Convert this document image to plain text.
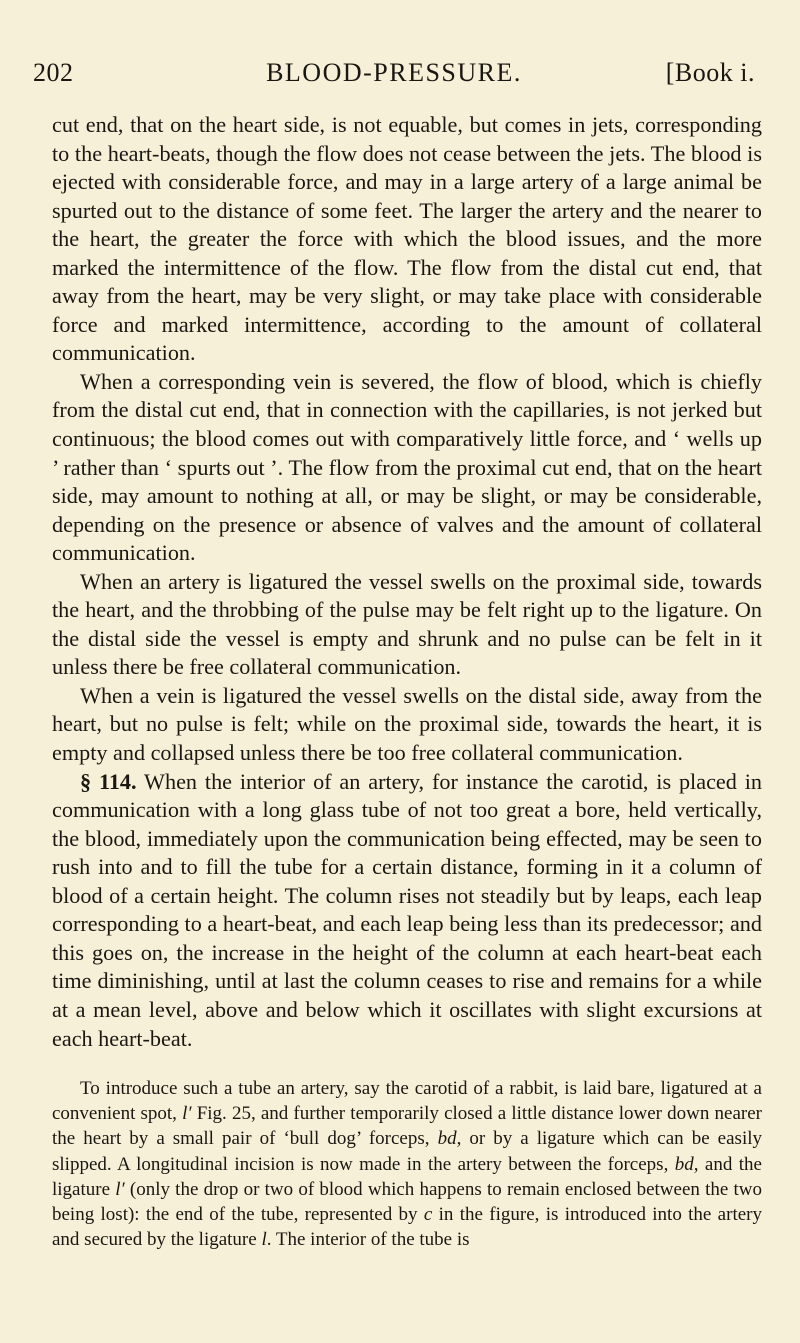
202	BLOOD-PRESSURE.	[Book i.

cut end, that on the heart side, is not equable, but comes in jets, corresponding to the heart-beats, though the flow does not cease between the jets. The blood is ejected with considerable force, and may in a large artery of a large animal be spurted out to the distance of some feet. The larger the artery and the nearer to the heart, the greater the force with which the blood issues, and the more marked the intermittence of the flow. The flow from the distal cut end, that away from the heart, may be very slight, or may take place with considerable force and marked intermittence, according to the amount of collateral communication.

When a corresponding vein is severed, the flow of blood, which is chiefly from the distal cut end, that in connection with the capillaries, is not jerked but continuous; the blood comes out with comparatively little force, and ‘ wells up ’ rather than ‘ spurts out ’. The flow from the proximal cut end, that on the heart side, may amount to nothing at all, or may be slight, or may be considerable, depending on the presence or absence of valves and the amount of collateral communication.

When an artery is ligatured the vessel swells on the proximal side, towards the heart, and the throbbing of the pulse may be felt right up to the ligature. On the distal side the vessel is empty and shrunk and no pulse can be felt in it unless there be free collateral communication.

When a vein is ligatured the vessel swells on the distal side, away from the heart, but no pulse is felt; while on the proximal side, towards the heart, it is empty and collapsed unless there be too free collateral communication.

§ 114. When the interior of an artery, for instance the carotid, is placed in communication with a long glass tube of not too great a bore, held vertically, the blood, immediately upon the communication being effected, may be seen to rush into and to fill the tube for a certain distance, forming in it a column of blood of a certain height. The column rises not steadily but by leaps, each leap corresponding to a heart-beat, and each leap being less than its predecessor; and this goes on, the increase in the height of the column at each heart-beat each time diminishing, until at last the column ceases to rise and remains for a while at a mean level, above and below which it oscillates with slight excursions at each heart-beat.

To introduce such a tube an artery, say the carotid of a rabbit, is laid bare, ligatured at a convenient spot, l′ Fig. 25, and further temporarily closed a little distance lower down nearer the heart by a small pair of ‘bull dog’ forceps, bd, or by a ligature which can be easily slipped. A longitudinal incision is now made in the artery between the forceps, bd, and the ligature l′ (only the drop or two of blood which happens to remain enclosed between the two being lost): the end of the tube, represented by c in the figure, is introduced into the artery and secured by the ligature l. The interior of the tube is
